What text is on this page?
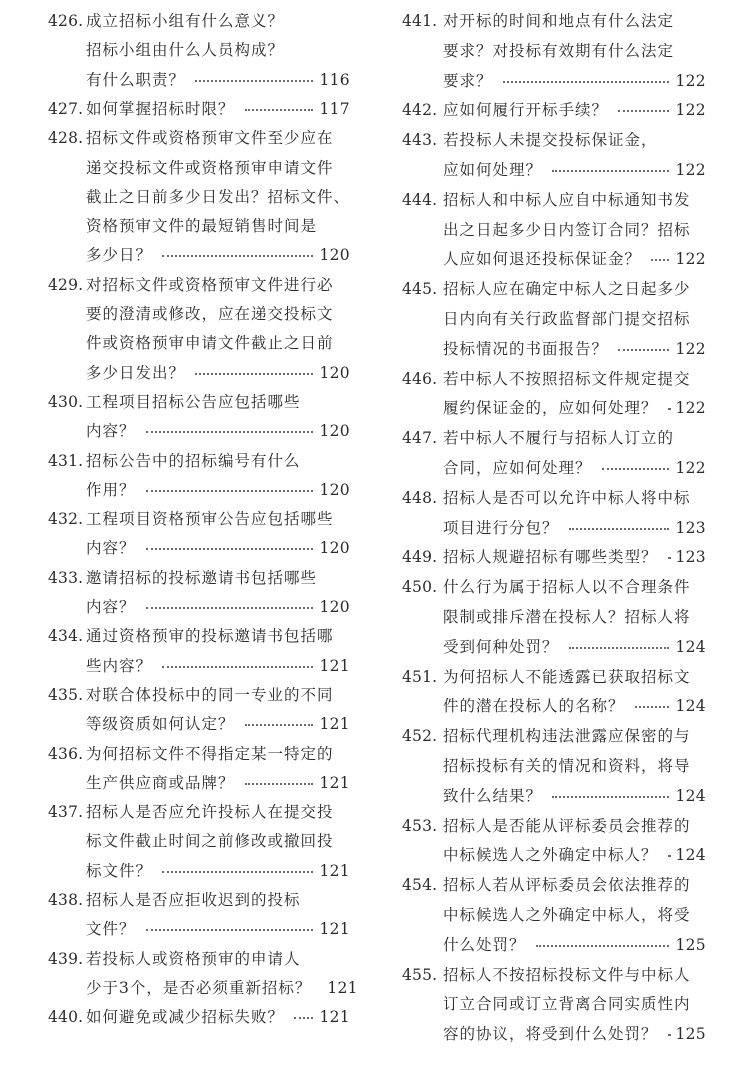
426. 成立招标小组有什么意义？
招标小组由什么人员构成？
有什么职责？	116
427. 如何掌握招标时限？	117
428. 招标文件或资格预审文件至少应在
递交投标文件或资格预审申请文件
截止之日前多少日发出？招标文件、
资格预审文件的最短销售时间是
多少日？	120
429. 对招标文件或资格预审文件进行必
要的澄清或修改，应在递交投标文
件或资格预审申请文件截止之日前
多少日发出？	120
430. 工程项目招标公告应包括哪些
内容？	120
431. 招标公告中的招标编号有什么
作用？	120
432. 工程项目资格预审公告应包括哪些
内容？	120
433. 邀请招标的投标邀请书包括哪些
内容？	120
434. 通过资格预审的投标邀请书包括哪
些内容？	121
435. 对联合体投标中的同一专业的不同
等级资质如何认定？	121
436. 为何招标文件不得指定某一特定的
生产供应商或品牌？	121
437. 招标人是否应允许投标人在提交投
标文件截止时间之前修改或撤回投
标文件？	121
438. 招标人是否应拒收迟到的投标
文件？	121
439. 若投标人或资格预审的申请人
少于3个，是否必须重新招标？ 121
440. 如何避免或减少招标失败？ 121
441. 对开标的时间和地点有什么法定
要求？对投标有效期有什么法定
要求？	122
442. 应如何履行开标手续？	122
443. 若投标人未提交投标保证金，
应如何处理？	122
444. 招标人和中标人应自中标通知书发
出之日起多少日内签订合同？招标
人应如何退还投标保证金？ 122
445. 招标人应在确定中标人之日起多少
日内向有关行政监督部门提交招标
投标情况的书面报告？	122
446. 若中标人不按照招标文件规定提交
履约保证金的，应如何处理？ 122
447. 若中标人不履行与招标人订立的
合同，应如何处理？	122
448. 招标人是否可以允许中标人将中标
项目进行分包？	123
449. 招标人规避招标有哪些类型？ 123
450. 什么行为属于招标人以不合理条件
限制或排斥潜在投标人？招标人将
受到何种处罚？	124
451. 为何招标人不能透露已获取招标文
件的潜在投标人的名称？	124
452. 招标代理机构违法泄露应保密的与
招标投标有关的情况和资料，将导
致什么结果？	124
453. 招标人是否能从评标委员会推荐的
中标候选人之外确定中标人？ 124
454. 招标人若从评标委员会依法推荐的
中标候选人之外确定中标人，将受
什么处罚？	125
455. 招标人不按招标投标文件与中标人
订立合同或订立背离合同实质性内
容的协议，将受到什么处罚？ 125
